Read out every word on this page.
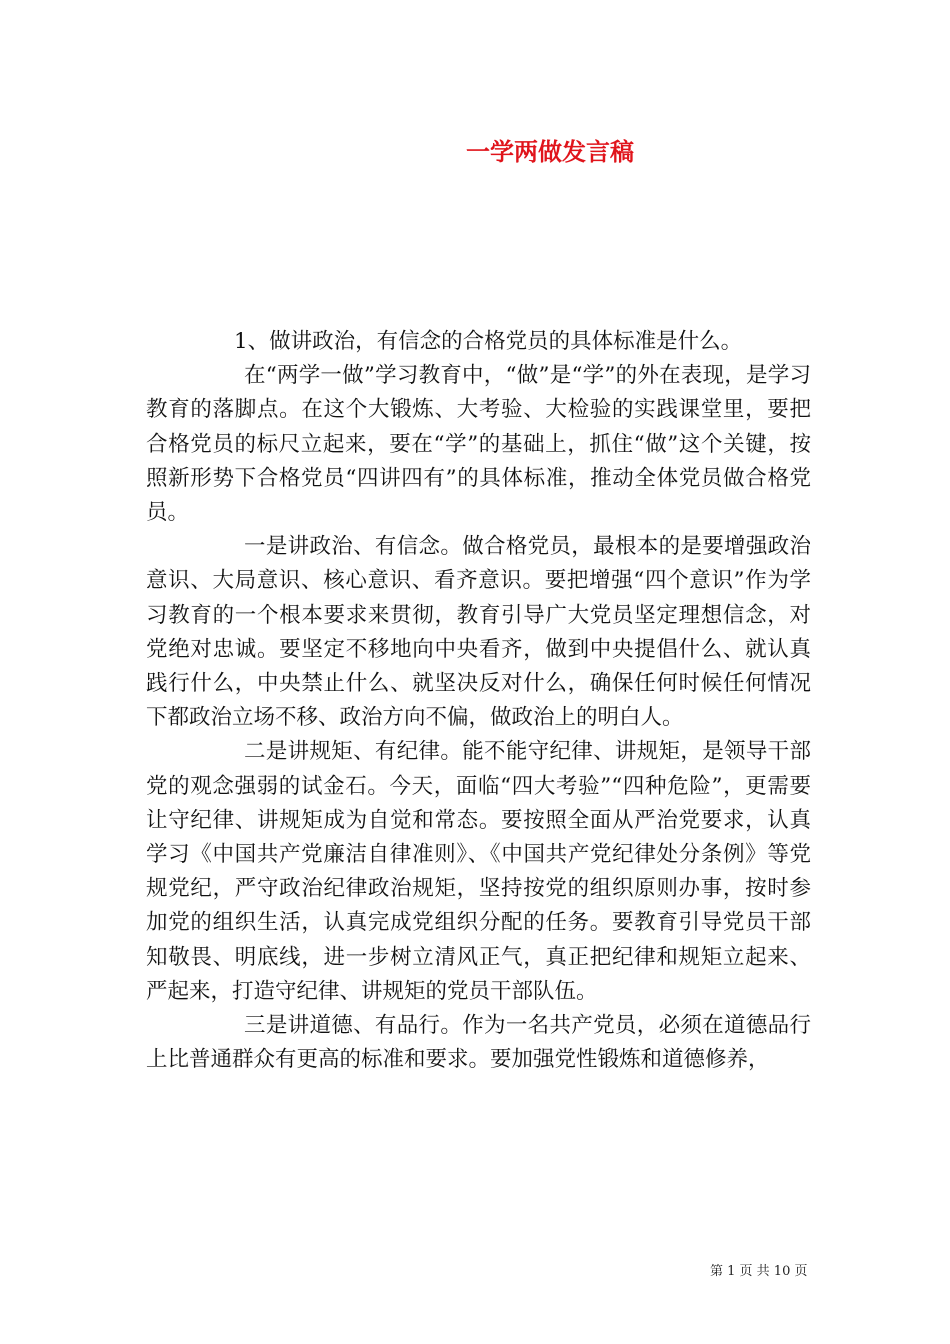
一学两做发言稿

1、做讲政治，有信念的合格党员的具体标准是什么。

在“两学一做”学习教育中，“做”是“学”的外在表现，是学习教育的落脚点。在这个大锻炼、大考验、大检验的实践课堂里，要把合格党员的标尺立起来，要在“学”的基础上，抓住“做”这个关键，按照新形势下合格党员“四讲四有”的具体标准，推动全体党员做合格党员。

一是讲政治、有信念。做合格党员，最根本的是要增强政治意识、大局意识、核心意识、看齐意识。要把增强“四个意识”作为学习教育的一个根本要求来贯彻，教育引导广大党员坚定理想信念，对党绝对忠诚。要坚定不移地向中央看齐，做到中央提倡什么、就认真践行什么，中央禁止什么、就坚决反对什么，确保任何时候任何情况下都政治立场不移、政治方向不偏，做政治上的明白人。

二是讲规矩、有纪律。能不能守纪律、讲规矩，是领导干部党的观念强弱的试金石。今天，面临“四大考验”“四种危险”，更需要让守纪律、讲规矩成为自觉和常态。要按照全面从严治党要求，认真学习《中国共产党廉洁自律准则》、《中国共产党纪律处分条例》等党规党纪，严守政治纪律政治规矩，坚持按党的组织原则办事，按时参加党的组织生活，认真完成党组织分配的任务。要教育引导党员干部知敬畏、明底线，进一步树立清风正气，真正把纪律和规矩立起来、严起来，打造守纪律、讲规矩的党员干部队伍。

三是讲道德、有品行。作为一名共产党员，必须在道德品行上比普通群众有更高的标准和要求。要加强党性锻炼和道德修养，

第 1 页 共 10 页
